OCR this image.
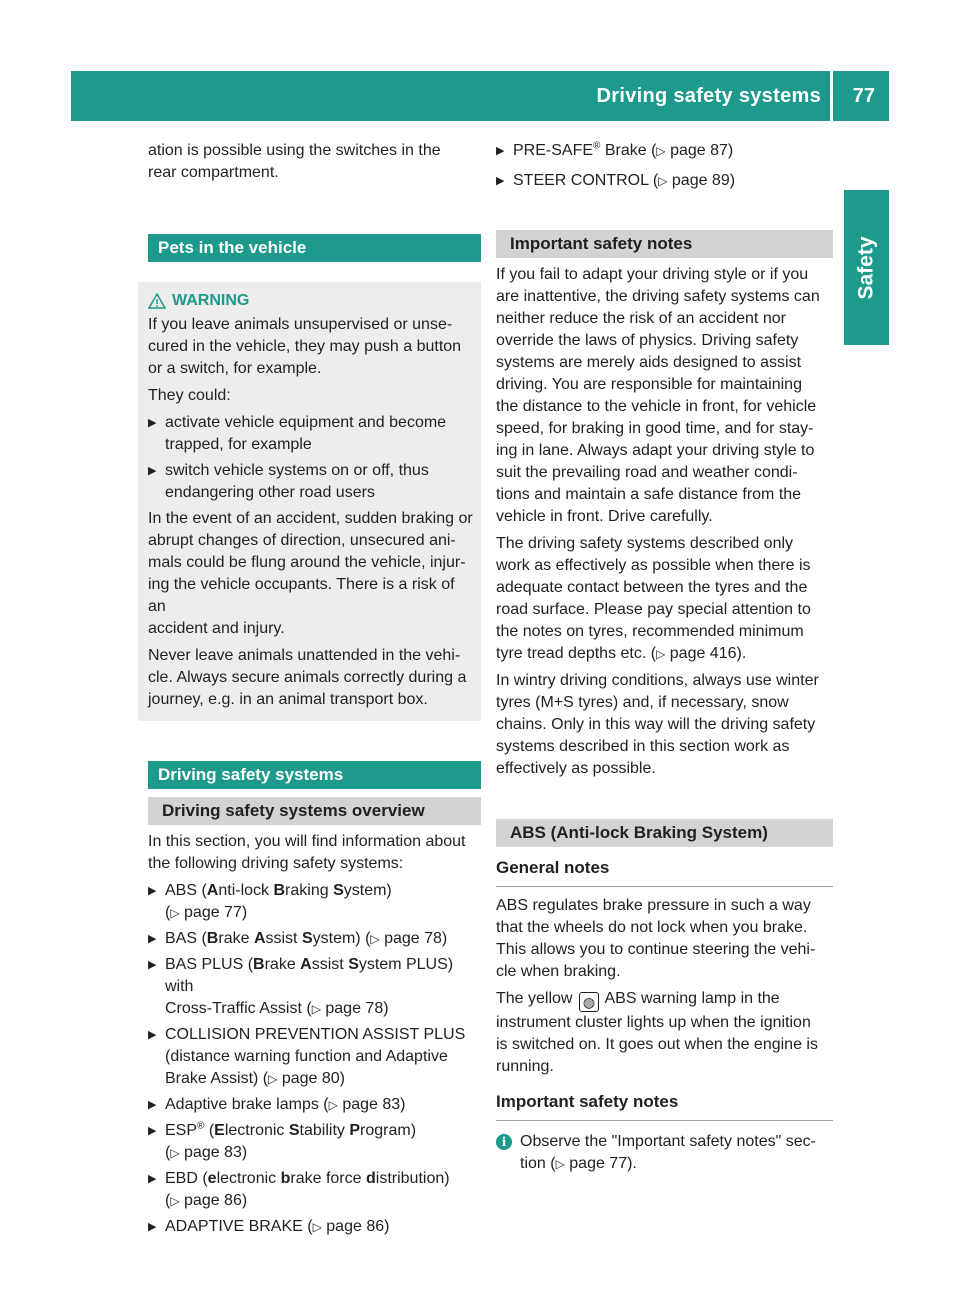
Driving safety systems 77
Safety

ation is possible using the switches in the
rear compartment.

Pets in the vehicle
WARNING

If you leave animals unsupervised or unse-
cured in the vehicle, they may push a button
or a switch, for example.

They could:

▶ activate vehicle equipment and become
trapped, for example
▶ switch vehicle systems on or off, thus
endangering other road users

In the event of an accident, sudden braking or
abrupt changes of direction, unsecured ani-
mals could be flung around the vehicle, injur-
ing the vehicle occupants. There is a risk of an
accident and injury.

Never leave animals unattended in the vehi-
cle. Always secure animals correctly during a
journey, e.g. in an animal transport box.

Driving safety systems
Driving safety systems overview

In this section, you will find information about
the following driving safety systems:

▶ ABS (Anti-lock Braking System)
(▷ page 77)
▶ BAS (Brake Assist System) (▷ page 78)
▶ BAS PLUS (Brake Assist System PLUS) with
Cross-Traffic Assist (▷ page 78)
▶ COLLISION PREVENTION ASSIST PLUS
(distance warning function and Adaptive
Brake Assist) (▷ page 80)
▶ Adaptive brake lamps (▷ page 83)
▶ ESP® (Electronic Stability Program)
(▷ page 83)
▶ EBD (electronic brake force distribution)
(▷ page 86)
▶ ADAPTIVE BRAKE (▷ page 86)
▶ PRE-SAFE® Brake (▷ page 87)
▶ STEER CONTROL (▷ page 89)
Important safety notes

If you fail to adapt your driving style or if you
are inattentive, the driving safety systems can
neither reduce the risk of an accident nor
override the laws of physics. Driving safety
systems are merely aids designed to assist
driving. You are responsible for maintaining
the distance to the vehicle in front, for vehicle
speed, for braking in good time, and for stay-
ing in lane. Always adapt your driving style to
suit the prevailing road and weather condi-
tions and maintain a safe distance from the
vehicle in front. Drive carefully.

The driving safety systems described only
work as effectively as possible when there is
adequate contact between the tyres and the
road surface. Please pay special attention to
the notes on tyres, recommended minimum
tyre tread depths etc. (▷ page 416).

In wintry driving conditions, always use winter
tyres (M+S tyres) and, if necessary, snow
chains. Only in this way will the driving safety
systems described in this section work as
effectively as possible.

ABS (Anti-lock Braking System)
General notes

ABS regulates brake pressure in such a way
that the wheels do not lock when you brake.
This allows you to continue steering the vehi-
cle when braking.

The yellow ◍ ABS warning lamp in the
instrument cluster lights up when the ignition
is switched on. It goes out when the engine is
running.

Important safety notes
i Observe the "Important safety notes" sec-
tion (▷ page 77).
